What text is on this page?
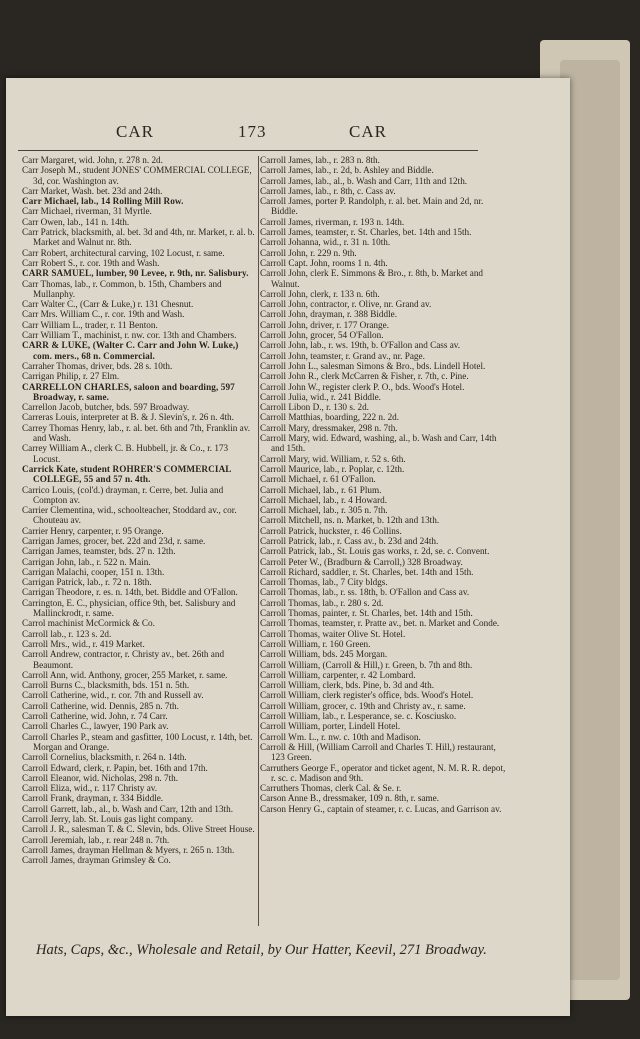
CAR	173	CAR
Carr Margaret, wid. John, r. 278 n. 2d.
Carr Joseph M., student JONES' COMMERCIAL COLLEGE, 3d, cor. Washington av.
Carr Market, Wash. bet. 23d and 24th.
Carr Michael, lab., 14 Rolling Mill Row.
Carr Michael, riverman, 31 Myrtle.
Carr Owen, lab., 141 n. 14th.
Carr Patrick, blacksmith, al. bet. 3d and 4th, nr. Market, r. al. b. Market and Walnut nr. 8th.
Carr Robert, architectural carving, 102 Locust, r. same.
Carr Robert S., r. cor. 19th and Wash.
CARR SAMUEL, lumber, 90 Levee, r. 9th, nr. Salisbury.
Carr Thomas, lab., r. Common, b. 15th, Chambers and Mullanphy.
Carr Walter C., (Carr & Luke,) r. 131 Chesnut.
Carr Mrs. William C., r. cor. 19th and Wash.
Carr William L., trader, r. 11 Benton.
Carr William T., machinist, r. nw. cor. 13th and Chambers.
CARR & LUKE, (Walter C. Carr and John W. Luke,) com. mers., 68 n. Commercial.
Carraher Thomas, driver, bds. 28 s. 10th.
Carrigan Philip, r. 27 Elm.
CARRELLON CHARLES, saloon and boarding, 597 Broadway, r. same.
Carrellon Jacob, butcher, bds. 597 Broadway.
Carreras Louis, interpreter at B. & J. Slevin's, r. 26 n. 4th.
Carrey Thomas Henry, lab., r. al. bet. 6th and 7th, Franklin av. and Wash.
Carrey William A., clerk C. B. Hubbell, jr. & Co., r. 173 Locust.
Carrick Kate, student ROHRER'S COMMERCIAL COLLEGE, 55 and 57 n. 4th.
Carrico Louis, (col'd.) drayman, r. Cerre, bet. Julia and Compton av.
Carrier Clementina, wid., schoolteacher, Stoddard av., cor. Chouteau av.
Carrier Henry, carpenter, r. 95 Orange.
Carrigan James, grocer, bet. 22d and 23d, r. same.
Carrigan James, teamster, bds. 27 n. 12th.
Carrigan John, lab., r. 522 n. Main.
Carrigan Malachi, cooper, 151 n. 13th.
Carrigan Patrick, lab., r. 72 n. 18th.
Carrigan Theodore, r. es. n. 14th, bet. Biddle and O'Fallon.
Carrington, E. C., physician, office 9th, bet. Salisbury and Mallinckrodt, r. same.
Carrol machinist McCormick & Co.
Carroll lab., r. 123 s. 2d.
Carroll Mrs., wid., r. 419 Market.
Carroll Andrew, contractor, r. Christy av., bet. 26th and Beaumont.
Carroll Ann, wid. Anthony, grocer, 255 Market, r. same.
Carroll Burns C., blacksmith, bds. 151 n. 5th.
Carroll Catherine, wid., r. cor. 7th and Russell av.
Carroll Catherine, wid. Dennis, 285 n. 7th.
Carroll Catherine, wid. John, r. 74 Carr.
Carroll Charles C., lawyer, 190 Park av.
Carroll Charles P., steam and gasfitter, 100 Locust, r. 14th, bet. Morgan and Orange.
Carroll Cornelius, blacksmith, r. 264 n. 14th.
Carroll Edward, clerk, r. Papin, bet. 16th and 17th.
Carroll Eleanor, wid. Nicholas, 298 n. 7th.
Carroll Eliza, wid., r. 117 Christy av.
Carroll Frank, drayman, r. 334 Biddle.
Carroll Garrett, lab., al., b. Wash and Carr, 12th and 13th.
Carroll Jerry, lab. St. Louis gas light company.
Carroll J. R., salesman T. & C. Slevin, bds. Olive Street House.
Carroll Jeremiah, lab., r. rear 248 n. 7th.
Carroll James, drayman Hellman & Myers, r. 265 n. 13th.
Carroll James, drayman Grimsley & Co.
Carroll James, lab., r. 283 n. 8th.
Carroll James, lab., r. 2d, b. Ashley and Biddle.
Carroll James, lab., al., b. Wash and Carr, 11th and 12th.
Carroll James, lab., r. 8th, c. Cass av.
Carroll James, porter P. Randolph, r. al. bet. Main and 2d, nr. Biddle.
Carroll James, riverman, r. 193 n. 14th.
Carroll James, teamster, r. St. Charles, bet. 14th and 15th.
Carroll Johanna, wid., r. 31 n. 10th.
Carroll John, r. 229 n. 9th.
Carroll Capt. John, rooms 1 n. 4th.
Carroll John, clerk E. Simmons & Bro., r. 8th, b. Market and Walnut.
Carroll John, clerk, r. 133 n. 6th.
Carroll John, contractor, r. Olive, nr. Grand av.
Carroll John, drayman, r. 388 Biddle.
Carroll John, driver, r. 177 Orange.
Carroll John, grocer, 54 O'Fallon.
Carroll John, lab., r. ws. 19th, b. O'Fallon and Cass av.
Carroll John, teamster, r. Grand av., nr. Page.
Carroll John L., salesman Simons & Bro., bds. Lindell Hotel.
Carroll John R., clerk McCarren & Fisher, r. 7th, c. Pine.
Carroll John W., register clerk P. O., bds. Wood's Hotel.
Carroll Julia, wid., r. 241 Biddle.
Carroll Libon D., r. 130 s. 2d.
Carroll Matthias, boarding, 222 n. 2d.
Carroll Mary, dressmaker, 298 n. 7th.
Carroll Mary, wid. Edward, washing, al., b. Wash and Carr, 14th and 15th.
Carroll Mary, wid. William, r. 52 s. 6th.
Carroll Maurice, lab., r. Poplar, c. 12th.
Carroll Michael, r. 61 O'Fallon.
Carroll Michael, lab., r. 61 Plum.
Carroll Michael, lab., r. 4 Howard.
Carroll Michael, lab., r. 305 n. 7th.
Carroll Mitchell, ns. n. Market, b. 12th and 13th.
Carroll Patrick, huckster, r. 46 Collins.
Carroll Patrick, lab., r. Cass av., b. 23d and 24th.
Carroll Patrick, lab., St. Louis gas works, r. 2d, se. c. Convent.
Carroll Peter W., (Bradburn & Carroll,) 328 Broadway.
Carroll Richard, saddler, r. St. Charles, bet. 14th and 15th.
Carroll Thomas, lab., 7 City bldgs.
Carroll Thomas, lab., r. ss. 18th, b. O'Fallon and Cass av.
Carroll Thomas, lab., r. 280 s. 2d.
Carroll Thomas, painter, r. St. Charles, bet. 14th and 15th.
Carroll Thomas, teamster, r. Pratte av., bet. n. Market and Conde.
Carroll Thomas, waiter Olive St. Hotel.
Carroll William, r. 160 Green.
Carroll William, bds. 245 Morgan.
Carroll William, (Carroll & Hill,) r. Green, b. 7th and 8th.
Carroll William, carpenter, r. 42 Lombard.
Carroll William, clerk, bds. Pine, b. 3d and 4th.
Carroll William, clerk register's office, bds. Wood's Hotel.
Carroll William, grocer, c. 19th and Christy av., r. same.
Carroll William, lab., r. Lesperance, se. c. Kosciusko.
Carroll William, porter, Lindell Hotel.
Carroll Wm. L., r. nw. c. 10th and Madison.
Carroll & Hill, (William Carroll and Charles T. Hill,) restaurant, 123 Green.
Carruthers George F., operator and ticket agent, N. M. R. R. depot, r. sc. c. Madison and 9th.
Carruthers Thomas, clerk Cal. & Se. r.
Carson Anne B., dressmaker, 109 n. 8th, r. same.
Carson Henry G., captain of steamer, r. c. Lucas, and Garrison av.
Hats, Caps, &c., Wholesale and Retail, by Our Hatter, Keevil, 271 Broadway.
